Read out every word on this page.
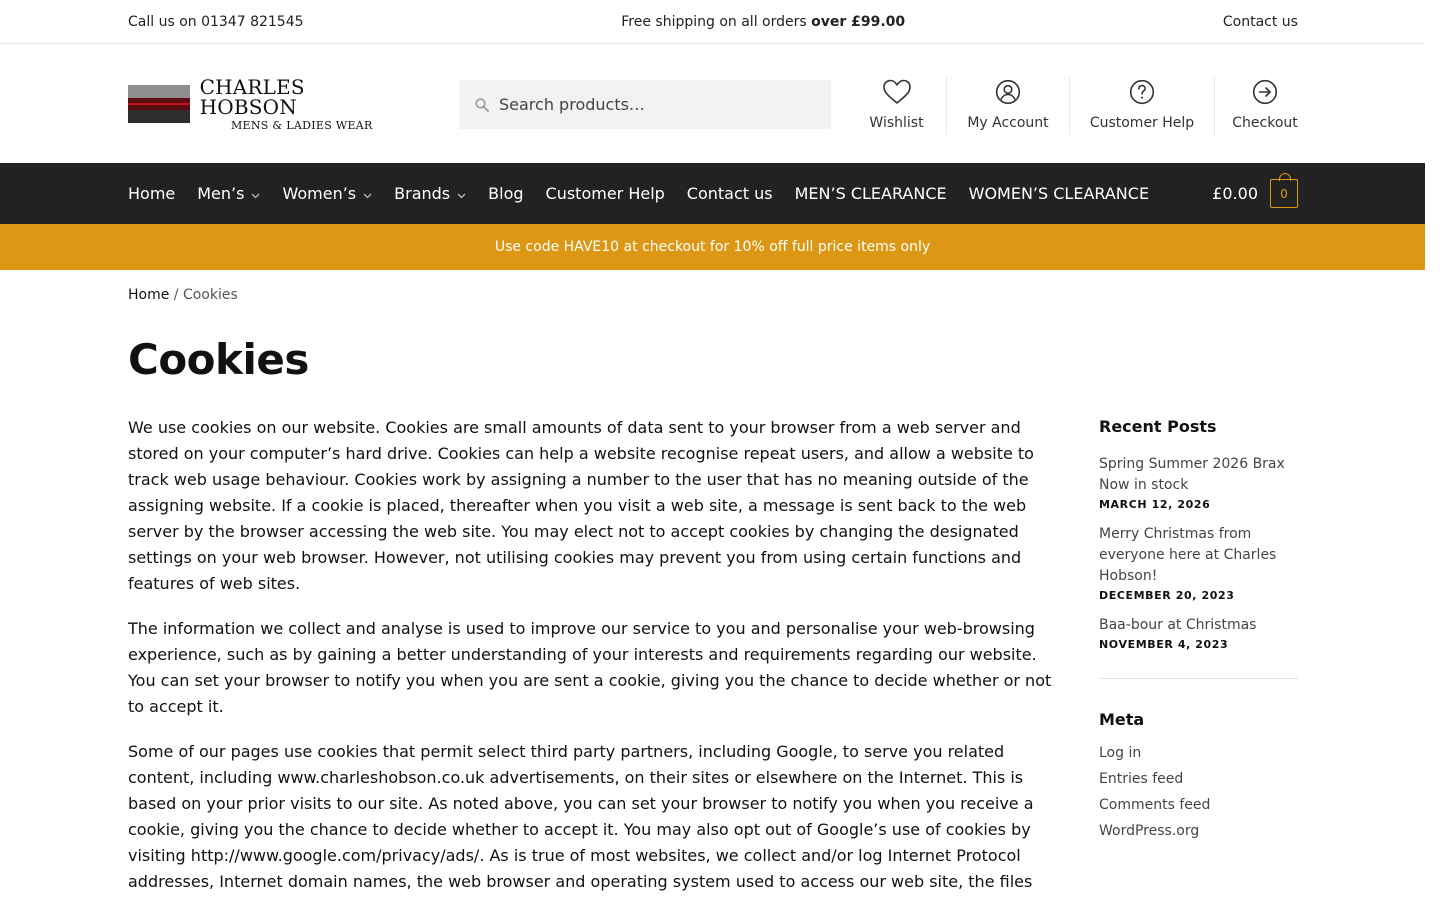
Call us on 01347 821545	Free shipping on all orders over £99.00	Contact us
CHARLES HOBSON
MENS & LADIES WEAR
Search products…	Wishlist	My Account	Customer Help	Checkout
Home Men’s Women’s Brands Blog Customer Help Contact us MEN’S CLEARANCE WOMEN’S CLEARANCE	£0.00	0
Use code HAVE10 at checkout for 10% off full price items only
Home / Cookies
Cookies

We use cookies on our website. Cookies are small amounts of data sent to your browser from a web server and stored on your computer’s hard drive. Cookies can help a website recognise repeat users, and allow a website to track web usage behaviour. Cookies work by assigning a number to the user that has no meaning outside of the assigning website. If a cookie is placed, thereafter when you visit a web site, a message is sent back to the web server by the browser accessing the web site. You may elect not to accept cookies by changing the designated settings on your web browser. However, not utilising cookies may prevent you from using certain functions and features of web sites.

The information we collect and analyse is used to improve our service to you and personalise your web-browsing experience, such as by gaining a better understanding of your interests and requirements regarding our website. You can set your browser to notify you when you are sent a cookie, giving you the chance to decide whether or not to accept it.

Some of our pages use cookies that permit select third party partners, including Google, to serve you related content, including www.charleshobson.co.uk advertisements, on their sites or elsewhere on the Internet. This is based on your prior visits to our site. As noted above, you can set your browser to notify you when you receive a cookie, giving you the chance to decide whether to accept it. You may also opt out of Google’s use of cookies by visiting http://www.google.com/privacy/ads/. As is true of most websites, we collect and/or log Internet Protocol addresses, Internet domain names, the web browser and operating system used to access our web site, the files

Recent Posts
Spring Summer 2026 Brax Now in stock
MARCH 12, 2026
Merry Christmas from everyone here at Charles Hobson!
DECEMBER 20, 2023
Baa-bour at Christmas
NOVEMBER 4, 2023
Meta
Log in
Entries feed
Comments feed
WordPress.org
